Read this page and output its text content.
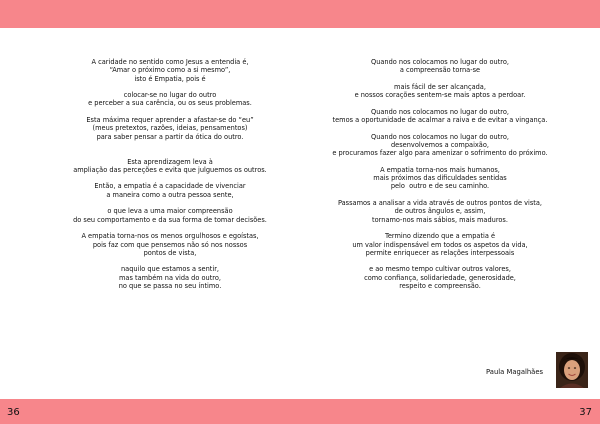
A caridade no sentido como Jesus a entendia é,
“Amar o próximo como a si mesmo”,
isto é Empatia, pois é

colocar-se no lugar do outro
e perceber a sua carência, ou os seus problemas.

Esta máxima requer aprender a afastar-se do “eu”
(meus pretextos, razões, ideias, pensamentos)
para saber pensar a partir da ótica do outro.

Esta aprendizagem leva à
ampliação das perceções e evita que julguemos os outros.

Então, a empatia é a capacidade de vivenciar
a maneira como a outra pessoa sente,

o que leva a uma maior compreensão
do seu comportamento e da sua forma de tomar decisões.

A empatia torna-nos os menos orgulhosos e egoístas,
pois faz com que pensemos não só nos nossos
pontos de vista,

naquilo que estamos a sentir,
mas também na vida do outro,
no que se passa no seu íntimo.

Quando nos colocamos no lugar do outro,
a compreensão torna-se

mais fácil de ser alcançada,
e nossos corações sentem-se mais aptos a perdoar.

Quando nos colocamos no lugar do outro,
temos a oportunidade de acalmar a raiva e de evitar a vingança.

Quando nos colocamos no lugar do outro,
desenvolvemos a compaixão,
e procuramos fazer algo para amenizar o sofrimento do próximo.

A empatia torna-nos mais humanos,
mais próximos das dificuldades sentidas
pelo  outro e de seu caminho.

Passamos a analisar a vida através de outros pontos de vista,
de outros ângulos e, assim,
tornamo-nos mais sábios, mais maduros.

Termino dizendo que a empatia é
um valor indispensável em todos os aspetos da vida,
permite enriquecer as relações interpessoais

e ao mesmo tempo cultivar outros valores,
como confiança, solidariedade, generosidade,
respeito e compreensão.

Paula Magalhães
36	37
